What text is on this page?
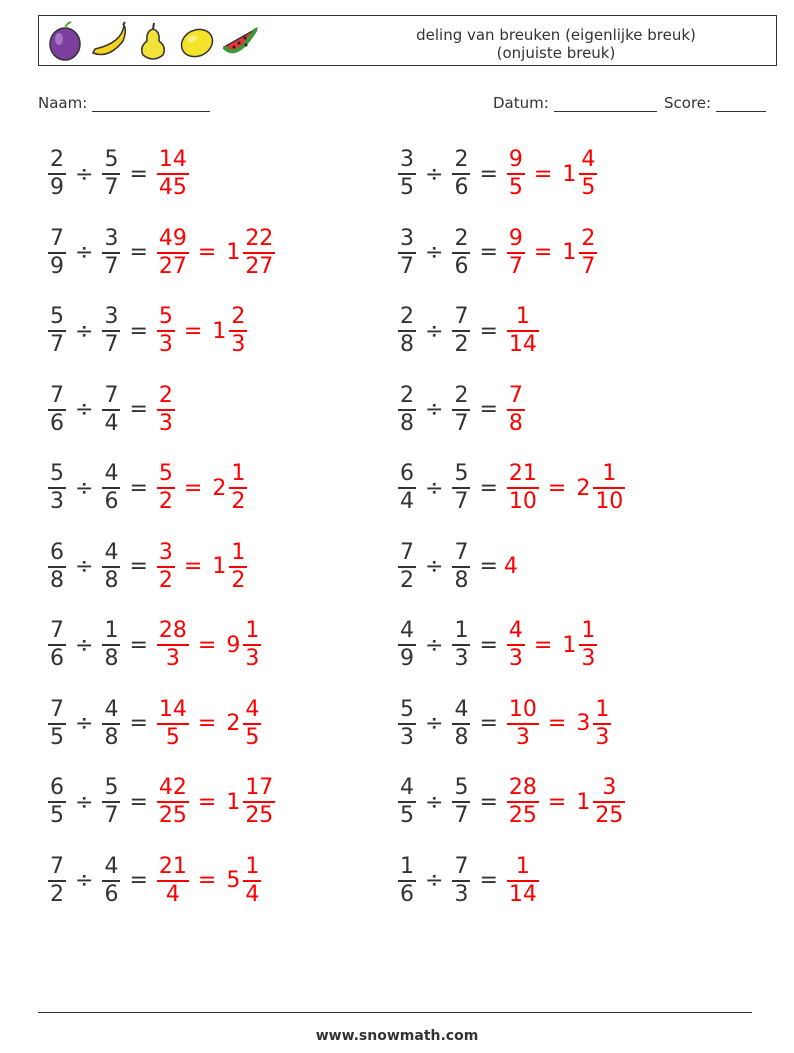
deling van breuken (eigenlijke breuk)
(onjuiste breuk)
Naam:	Datum:	Score:
$\frac{2}{9} \div \frac{5}{7} = \frac{14}{45}$	$\frac{3}{5} \div \frac{2}{6} = \frac{9}{5} = 1 \frac{4}{5}$
$\frac{7}{9} \div \frac{3}{7} = \frac{49}{27} = 1 \frac{22}{27}$	$\frac{3}{7} \div \frac{2}{6} = \frac{9}{7} = 1 \frac{2}{7}$
$\frac{5}{7} \div \frac{3}{7} = \frac{5}{3} = 1 \frac{2}{3}$	$\frac{2}{8} \div \frac{7}{2} = \frac{1}{14}$
$\frac{7}{6} \div \frac{7}{4} = \frac{2}{3}$	$\frac{2}{8} \div \frac{2}{7} = \frac{7}{8}$
$\frac{5}{3} \div \frac{4}{6} = \frac{5}{2} = 2 \frac{1}{2}$	$\frac{6}{4} \div \frac{5}{7} = \frac{21}{10} = 2 \frac{1}{10}$
$\frac{6}{8} \div \frac{4}{8} = \frac{3}{2} = 1 \frac{1}{2}$	$\frac{7}{2} \div \frac{7}{8} = 4$
$\frac{7}{6} \div \frac{1}{8} = \frac{28}{3} = 9 \frac{1}{3}$	$\frac{4}{9} \div \frac{1}{3} = \frac{4}{3} = 1 \frac{1}{3}$
$\frac{7}{5} \div \frac{4}{8} = \frac{14}{5} = 2 \frac{4}{5}$	$\frac{5}{3} \div \frac{4}{8} = \frac{10}{3} = 3 \frac{1}{3}$
$\frac{6}{5} \div \frac{5}{7} = \frac{42}{25} = 1 \frac{17}{25}$	$\frac{4}{5} \div \frac{5}{7} = \frac{28}{25} = 1 \frac{3}{25}$
$\frac{7}{2} \div \frac{4}{6} = \frac{21}{4} = 5 \frac{1}{4}$	$\frac{1}{6} \div \frac{7}{3} = \frac{1}{14}$
www.snowmath.com
